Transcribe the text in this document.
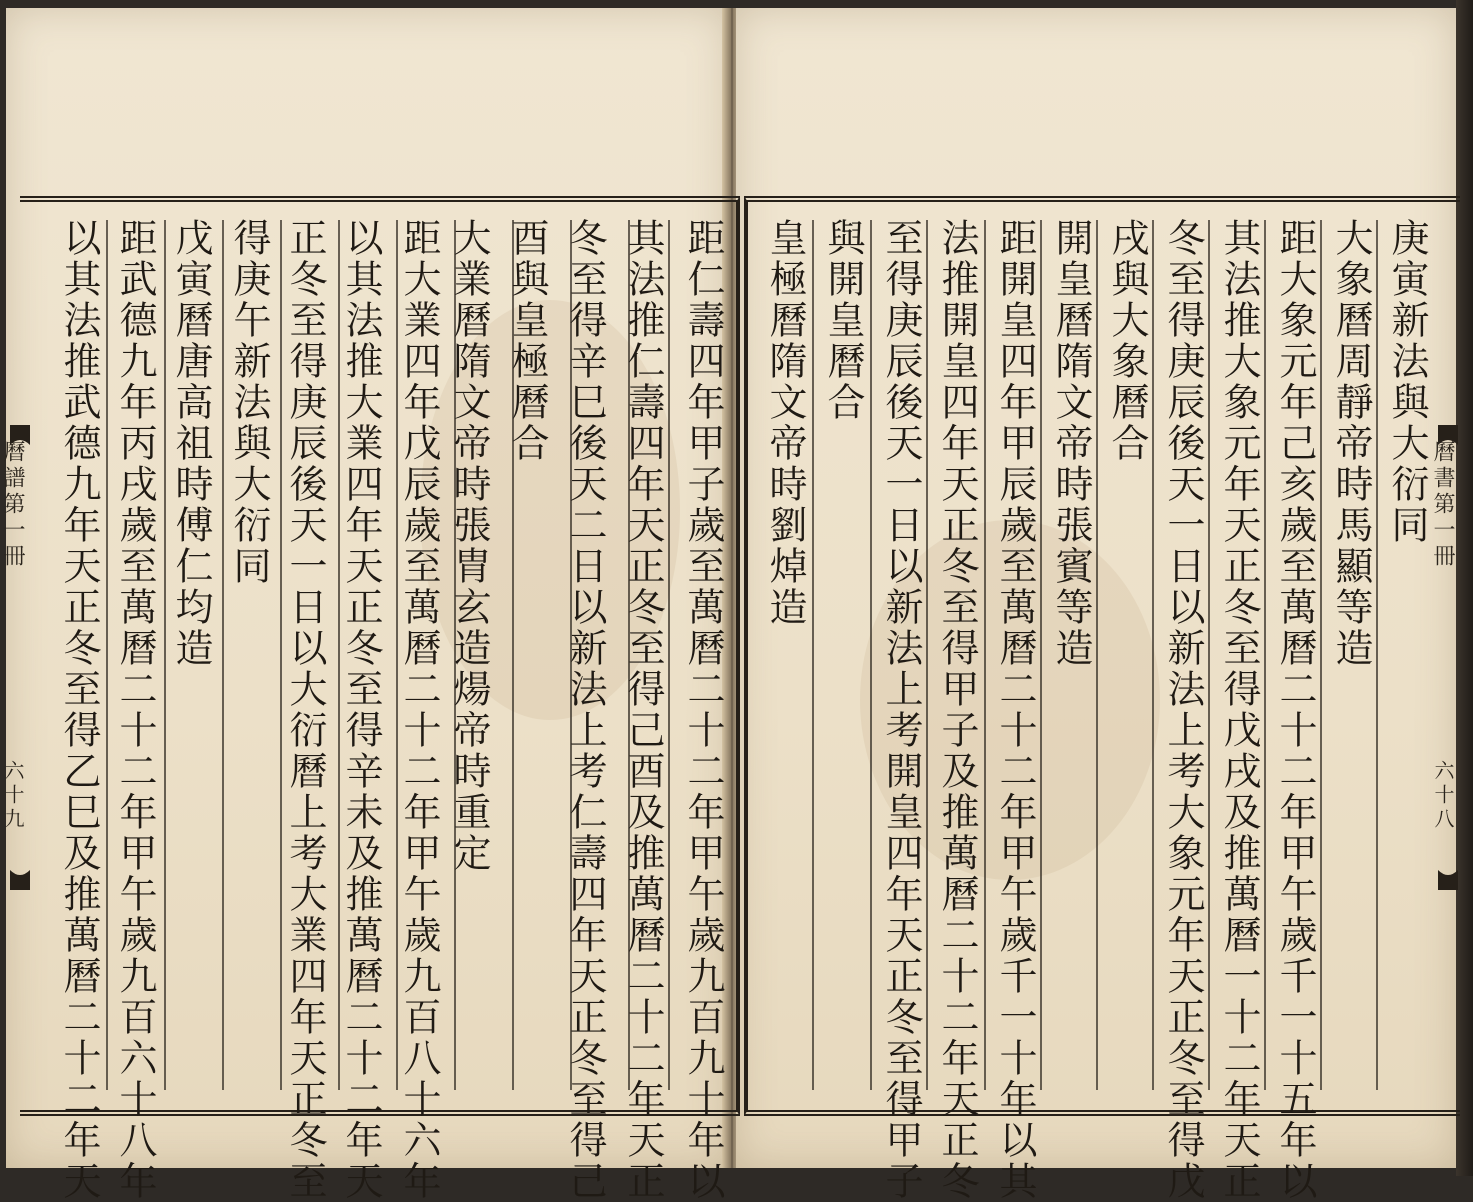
曆譜第一冊
六十九
曆書第一冊
六十八
距仁壽四年甲子歲至萬曆二十二年甲午歲九百九十年以
其法推仁壽四年天正冬至得己酉及推萬曆二十二年天正
冬至得辛巳後天二日以新法上考仁壽四年天正冬至得己
酉與皇極曆合
大業曆隋文帝時張胄玄造煬帝時重定
距大業四年戊辰歲至萬曆二十二年甲午歲九百八十六年
以其法推大業四年天正冬至得辛未及推萬曆二十二年天
正冬至得庚辰後天一日以大衍曆上考大業四年天正冬至
得庚午新法與大衍同
戊寅曆唐高祖時傅仁均造
距武德九年丙戌歲至萬曆二十二年甲午歲九百六十八年
以其法推武德九年天正冬至得乙巳及推萬曆二十二年天	庚寅新法與大衍同
大象曆周靜帝時馬顯等造
距大象元年己亥歲至萬曆二十二年甲午歲千一十五年以
其法推大象元年天正冬至得戊戌及推萬曆一十二年天正
冬至得庚辰後天一日以新法上考大象元年天正冬至得戊
戌與大象曆合
開皇曆隋文帝時張賓等造
距開皇四年甲辰歲至萬曆二十二年甲午歲千一十年以其
法推開皇四年天正冬至得甲子及推萬曆二十二年天正冬
至得庚辰後天一日以新法上考開皇四年天正冬至得甲子
與開皇曆合
皇極曆隋文帝時劉焯造
